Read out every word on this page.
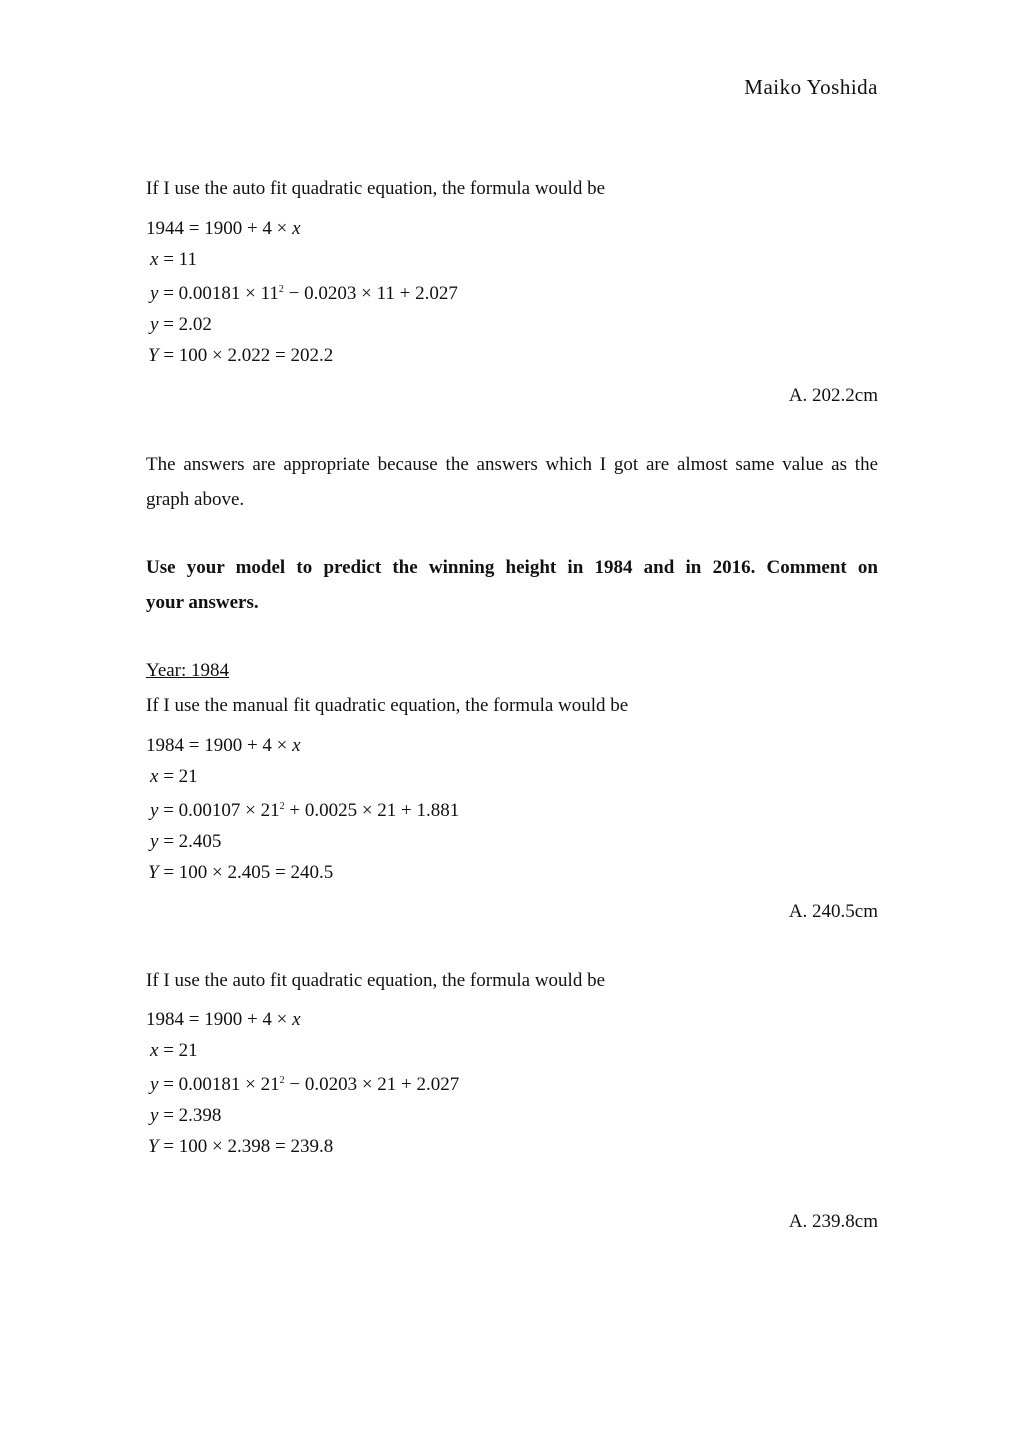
Maiko Yoshida
If I use the auto fit quadratic equation, the formula would be
1944 = 1900 + 4 × x
x = 11
$y = 0.00181 \times 11^2 - 0.0203 \times 11 + 2.027$
y = 2.02
Y = 100 × 2.022 = 202.2
A. 202.2cm
The answers are appropriate because the answers which I got are almost same value as the
graph above.
Use your model to predict the winning height in 1984 and in 2016. Comment on
your answers.
Year: 1984
If I use the manual fit quadratic equation, the formula would be
1984 = 1900 + 4 × x
x = 21
$y = 0.00107 \times 21^2 + 0.0025 \times 21 + 1.881$
y = 2.405
Y = 100 × 2.405 = 240.5
A. 240.5cm
If I use the auto fit quadratic equation, the formula would be
1984 = 1900 + 4 × x
x = 21
$y = 0.00181 \times 21^2 - 0.0203 \times 21 + 2.027$
y = 2.398
Y = 100 × 2.398 = 239.8
A. 239.8cm
